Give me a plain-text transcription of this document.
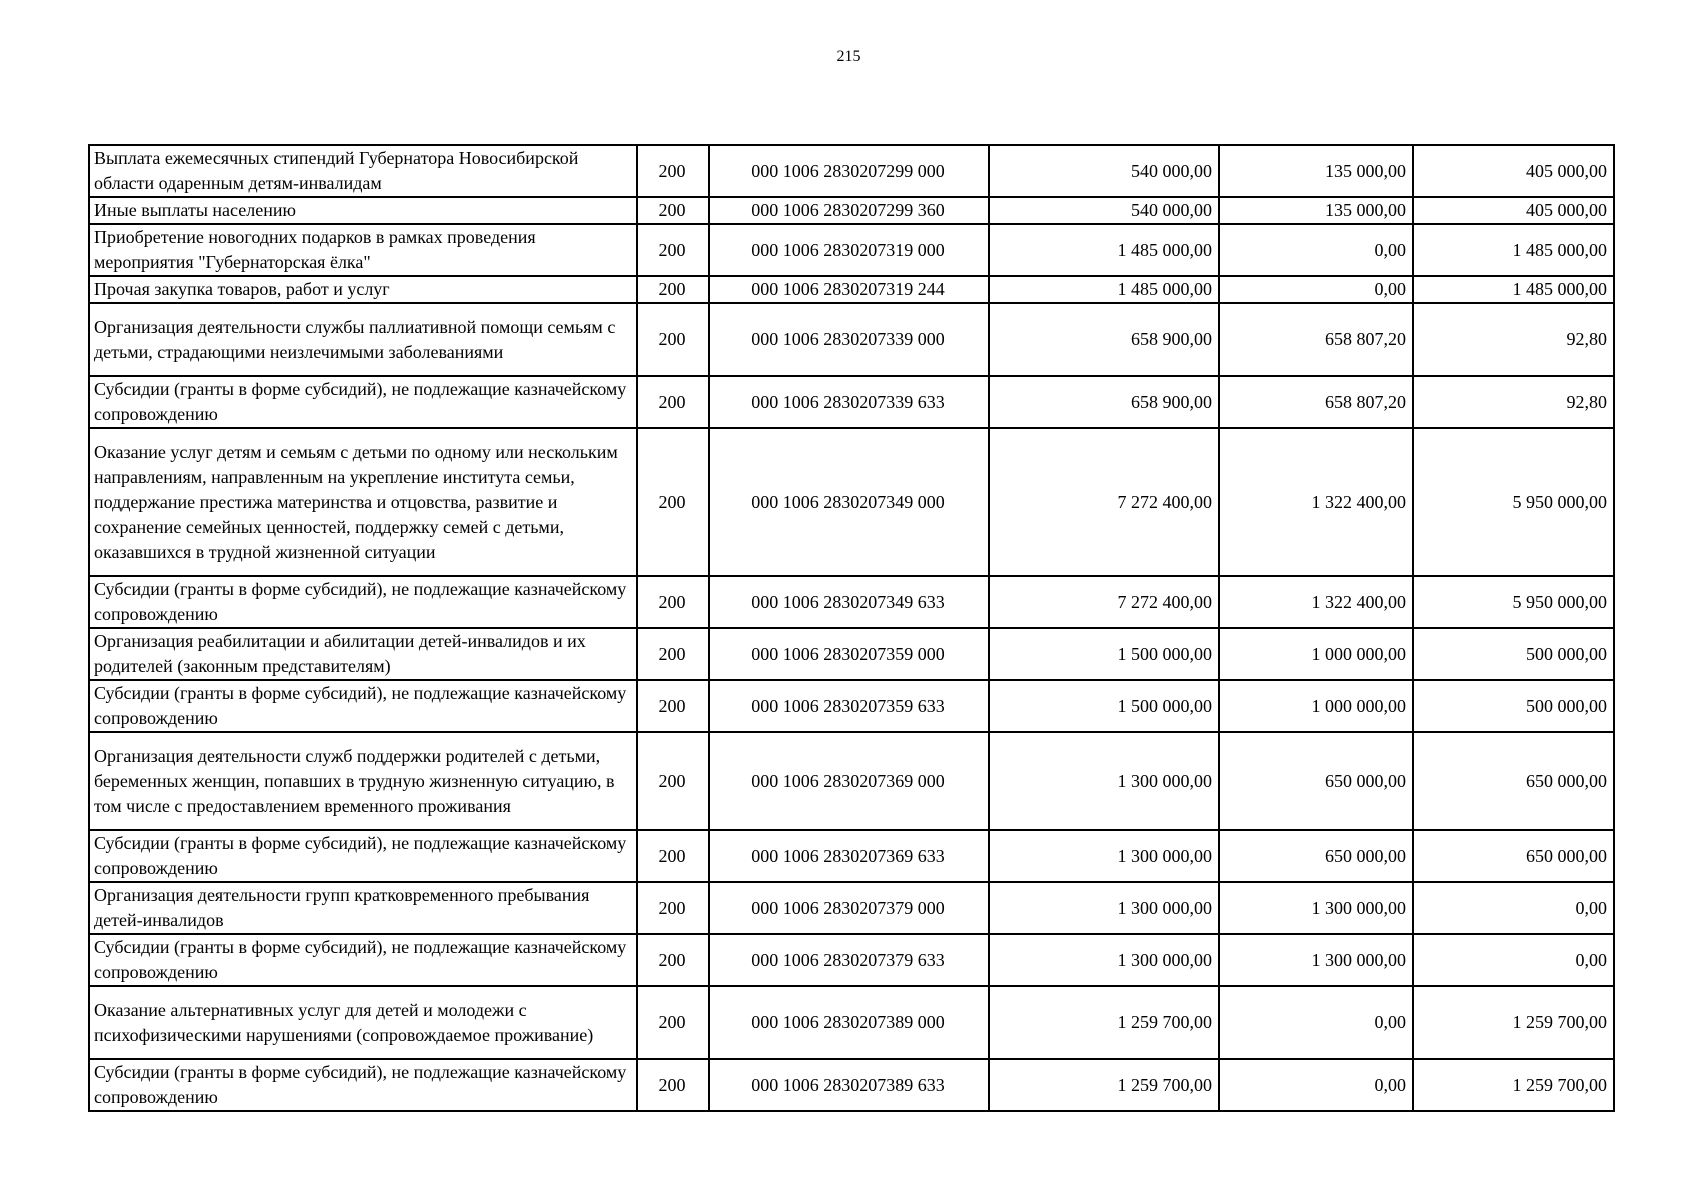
215
Выплата ежемесячных стипендий Губернатора Новосибирской области одаренным детям-инвалидам	200	000 1006 2830207299 000	540 000,00	135 000,00	405 000,00
Иные выплаты населению	200	000 1006 2830207299 360	540 000,00	135 000,00	405 000,00
Приобретение новогодних подарков в рамках проведения мероприятия "Губернаторская ёлка"	200	000 1006 2830207319 000	1 485 000,00	0,00	1 485 000,00
Прочая закупка товаров, работ и услуг	200	000 1006 2830207319 244	1 485 000,00	0,00	1 485 000,00
Организация деятельности службы паллиативной помощи семьям с детьми, страдающими неизлечимыми заболеваниями	200	000 1006 2830207339 000	658 900,00	658 807,20	92,80
Субсидии (гранты в форме субсидий), не подлежащие казначейскому сопровождению	200	000 1006 2830207339 633	658 900,00	658 807,20	92,80
Оказание услуг детям и семьям с детьми по одному или нескольким направлениям, направленным на укрепление института семьи, поддержание престижа материнства и отцовства, развитие и сохранение семейных ценностей, поддержку семей с детьми, оказавшихся в трудной жизненной ситуации	200	000 1006 2830207349 000	7 272 400,00	1 322 400,00	5 950 000,00
Субсидии (гранты в форме субсидий), не подлежащие казначейскому сопровождению	200	000 1006 2830207349 633	7 272 400,00	1 322 400,00	5 950 000,00
Организация реабилитации и абилитации детей-инвалидов и их родителей (законным представителям)	200	000 1006 2830207359 000	1 500 000,00	1 000 000,00	500 000,00
Субсидии (гранты в форме субсидий), не подлежащие казначейскому сопровождению	200	000 1006 2830207359 633	1 500 000,00	1 000 000,00	500 000,00
Организация деятельности служб поддержки родителей с детьми, беременных женщин, попавших в трудную жизненную ситуацию, в том числе с предоставлением временного проживания	200	000 1006 2830207369 000	1 300 000,00	650 000,00	650 000,00
Субсидии (гранты в форме субсидий), не подлежащие казначейскому сопровождению	200	000 1006 2830207369 633	1 300 000,00	650 000,00	650 000,00
Организация деятельности групп кратковременного пребывания детей-инвалидов	200	000 1006 2830207379 000	1 300 000,00	1 300 000,00	0,00
Субсидии (гранты в форме субсидий), не подлежащие казначейскому сопровождению	200	000 1006 2830207379 633	1 300 000,00	1 300 000,00	0,00
Оказание альтернативных услуг для детей и молодежи с психофизическими нарушениями (сопровождаемое проживание)	200	000 1006 2830207389 000	1 259 700,00	0,00	1 259 700,00
Субсидии (гранты в форме субсидий), не подлежащие казначейскому сопровождению	200	000 1006 2830207389 633	1 259 700,00	0,00	1 259 700,00
